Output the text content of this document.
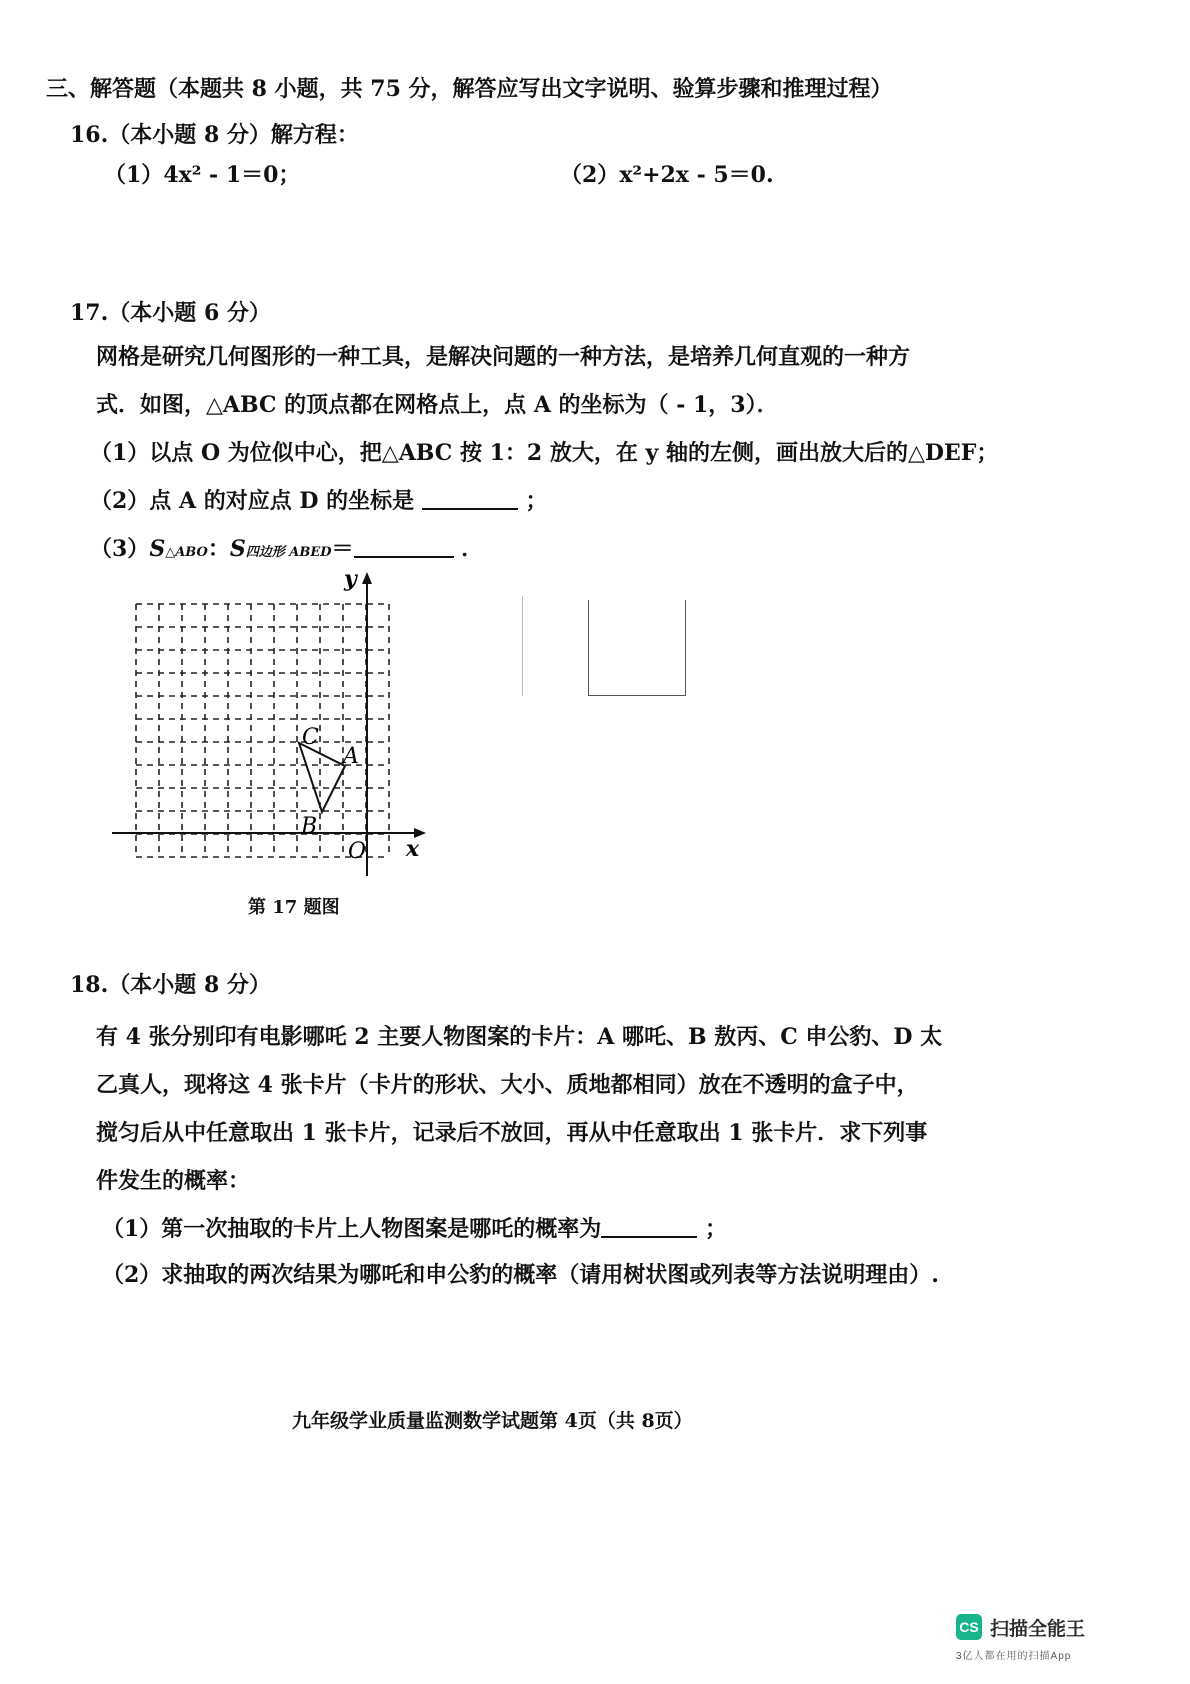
三、解答题（本题共 8 小题，共 75 分，解答应写出文字说明、验算步骤和推理过程）
16.（本小题 8 分）解方程：
（1）4x² - 1＝0；	（2）x²+2x - 5＝0.
17.（本小题 6 分）
网格是研究几何图形的一种工具，是解决问题的一种方法，是培养几何直观的一种方
式．如图，△ABC 的顶点都在网格点上，点 A 的坐标为（ - 1，3）．
（1）以点 O 为位似中心，把△ABC 按 1：2 放大，在 y 轴的左侧，画出放大后的△DEF；
（2）点 A 的对应点 D 的坐标是	；
（3）S△ABO：S四边形 ABED＝	．
x
y
O
A
B
C
第 17 题图
18.（本小题 8 分）
有 4 张分别印有电影哪吒 2 主要人物图案的卡片：A 哪吒、B 敖丙、C 申公豹、D 太
乙真人，现将这 4 张卡片（卡片的形状、大小、质地都相同）放在不透明的盒子中，
搅匀后从中任意取出 1 张卡片，记录后不放回，再从中任意取出 1 张卡片．求下列事
件发生的概率：
（1）第一次抽取的卡片上人物图案是哪吒的概率为	；
（2）求抽取的两次结果为哪吒和申公豹的概率（请用树状图或列表等方法说明理由）.
九年级学业质量监测数学试题第 4页（共 8页）
CS 扫描全能王
3亿人都在用的扫描App
